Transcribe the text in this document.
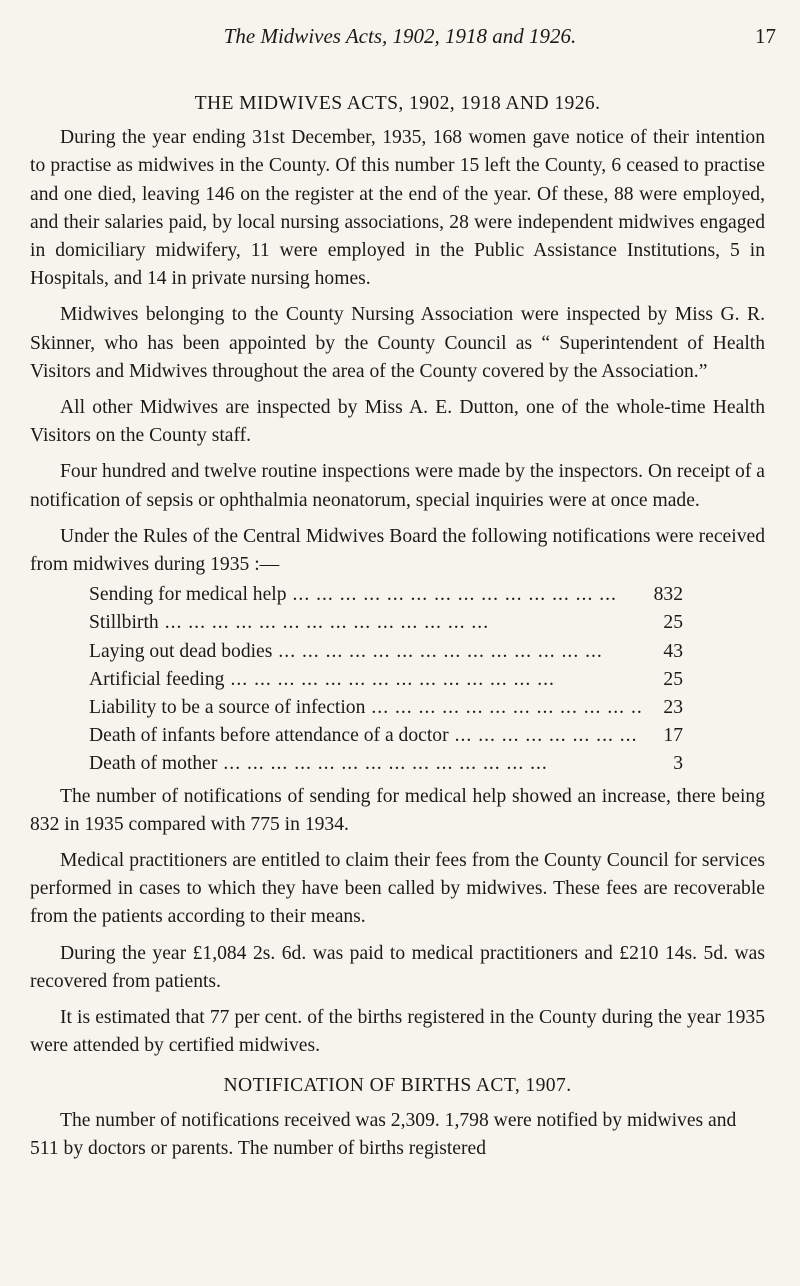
The Midwives Acts, 1902, 1918 and 1926.	17
THE MIDWIVES ACTS, 1902, 1918 AND 1926.

During the year ending 31st December, 1935, 168 women gave notice of their intention to practise as midwives in the County. Of this number 15 left the County, 6 ceased to practise and one died, leaving 146 on the register at the end of the year. Of these, 88 were employed, and their salaries paid, by local nursing associations, 28 were independent midwives engaged in domiciliary midwifery, 11 were employed in the Public Assistance Institutions, 5 in Hospitals, and 14 in private nursing homes.

Midwives belonging to the County Nursing Association were inspected by Miss G. R. Skinner, who has been appointed by the County Council as “ Superintendent of Health Visitors and Midwives throughout the area of the County covered by the Association.”

All other Midwives are inspected by Miss A. E. Dutton, one of the whole-time Health Visitors on the County staff.

Four hundred and twelve routine inspections were made by the inspectors. On receipt of a notification of sepsis or ophthalmia neonatorum, special inquiries were at once made.

Under the Rules of the Central Midwives Board the following notifications were received from midwives during 1935 :—

Sending for medical help ... .	832
Stillbirth ... .	25
Laying out dead bodies ... .	43
Artificial feeding ... .	25
Liability to be a source of infection ... .	23
Death of infants before attendance of a doctor ... .	17
Death of mother ... .	3

The number of notifications of sending for medical help showed an increase, there being 832 in 1935 compared with 775 in 1934.

Medical practitioners are entitled to claim their fees from the County Council for services performed in cases to which they have been called by midwives. These fees are recoverable from the patients according to their means.

During the year £1,084 2s. 6d. was paid to medical practitioners and £210 14s. 5d. was recovered from patients.

It is estimated that 77 per cent. of the births registered in the County during the year 1935 were attended by certified midwives.

NOTIFICATION OF BIRTHS ACT, 1907.

The number of notifications received was 2,309. 1,798 were notified by midwives and 511 by doctors or parents. The number of births registered
